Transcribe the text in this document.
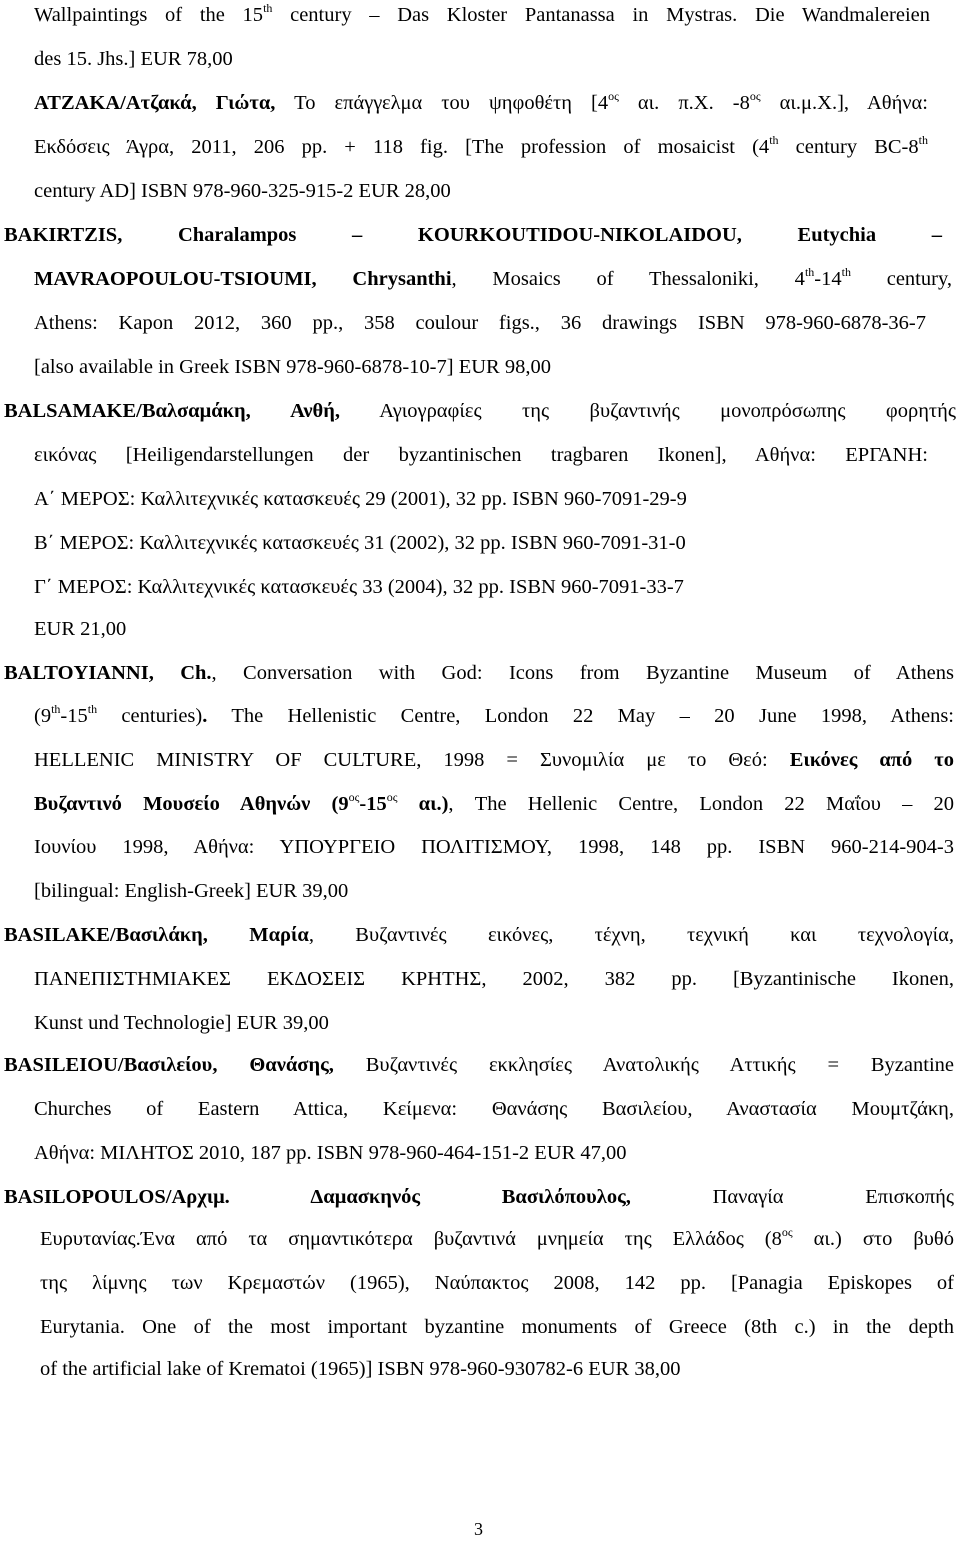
Wallpaintings of the 15th century – Das Kloster Pantanassa in Mystras. Die Wandmalereien

des 15. Jhs.] EUR 78,00

ATZAKA/Ατζακά, Γιώτα, Το επάγγελμα του ψηφοθέτη [$4^{o\varsigma}$ αι. π.Χ. $-8^{o\varsigma}$ αι.μ.Χ.], Αθήνα:

Εκδόσεις Άγρα, 2011, 206 pp. + 118 fig. [The profession of mosaicist (4th century BC-8th

century AD] ISBN 978-960-325-915-2 EUR 28,00

BAKIRTZIS, Charalampos – KOURKOUTIDOU-NIKOLAIDOU, Eutychia –

MAVRAOPOULOU-TSIOUMI, Chrysanthi, Mosaics of Thessaloniki, 4th-14th century,

Athens: Kapon 2012, 360 pp., 358 coulour figs., 36 drawings ISBN 978-960-6878-36-7

[also available in Greek ISBN 978-960-6878-10-7] EUR 98,00

BALSAMAKE/Βαλσαμάκη, Ανθή, Αγιογραφίες της βυζαντινής μονοπρόσωπης φορητής

εικόνας [Heiligendarstellungen der byzantinischen tragbaren Ikonen], Αθήνα: ΕΡΓΑΝΗ:

Α΄ ΜΕΡΟΣ: Καλλιτεχνικές κατασκευές 29 (2001), 32 pp. ISBN 960-7091-29-9

Β΄ ΜΕΡΟΣ: Καλλιτεχνικές κατασκευές 31 (2002), 32 pp. ISBN 960-7091-31-0

Γ΄ ΜΕΡΟΣ: Καλλιτεχνικές κατασκευές 33 (2004), 32 pp. ISBN 960-7091-33-7

EUR 21,00

BALTOYIANNI, Ch., Conversation with God: Icons from Byzantine Museum of Athens

(9th-15th centuries). The Hellenistic Centre, London 22 May – 20 June 1998, Athens:

HELLENIC MINISTRY OF CULTURE, 1998 = Συνομιλία με το Θεό: Εικόνες από το

Βυζαντινό Μουσείο Αθηνών ($9^{o\varsigma}-15^{o\varsigma}$ αι.), The Hellenic Centre, London 22 Μαΐου – 20

Ιουνίου 1998, Αθήνα: ΥΠΟΥΡΓΕΙΟ ΠΟΛΙΤΙΣΜΟΥ, 1998, 148 pp. ISBN 960-214-904-3

[bilingual: English-Greek] EUR 39,00

BASILAKE/Βασιλάκη, Μαρία, Βυζαντινές εικόνες, τέχνη, τεχνική και τεχνολογία,

ΠΑΝΕΠΙΣΤΗΜΙΑΚΕΣ ΕΚΔΟΣΕΙΣ ΚΡΗΤΗΣ, 2002, 382 pp. [Byzantinische Ikonen,

Kunst und Technologie] EUR 39,00

BASILEIOU/Βασιλείου, Θανάσης, Βυζαντινές εκκλησίες Ανατολικής Αττικής = Byzantine

Churches of Eastern Attica, Κείμενα: Θανάσης Βασιλείου, Αναστασία Μουμτζάκη,

Αθήνα: ΜΙΛΗΤΟΣ 2010, 187 pp. ISBN 978-960-464-151-2 EUR 47,00

BASILOPOULOS/Αρχιμ. Δαμασκηνός Βασιλόπουλος, Παναγία Επισκοπής

Ευρυτανίας.Ένα από τα σημαντικότερα βυζαντινά μνημεία της Ελλάδος ($8^{o\varsigma}$ αι.) στο βυθό

της λίμνης των Κρεμαστών (1965), Ναύπακτος 2008, 142 pp. [Panagia Episkopes of

Eurytania. One of the most important byzantine monuments of Greece (8th c.) in the depth

of the artificial lake of Krematoi (1965)] ISBN 978-960-930782-6 EUR 38,00

3
